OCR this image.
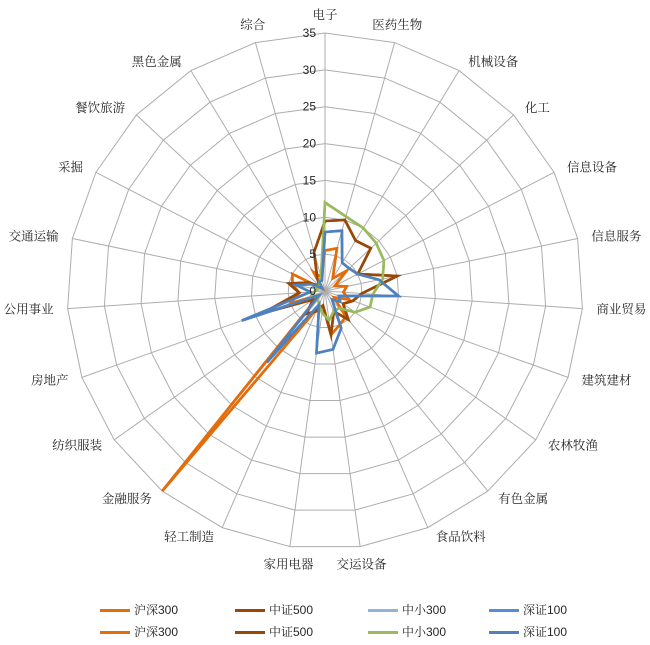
0
5
10
15
20
25
30
35
电子
医药生物
机械设备
化工
信息设备
信息服务
商业贸易
建筑建材
农林牧渔
有色金属
食品饮料
交运设备
家用电器
轻工制造
金融服务
纺织服装
房地产
公用事业
交通运输
采掘
餐饮旅游
黑色金属
综合
沪深300	中证500	中小300	深证100
沪深300	中证500	中小300	深证100
